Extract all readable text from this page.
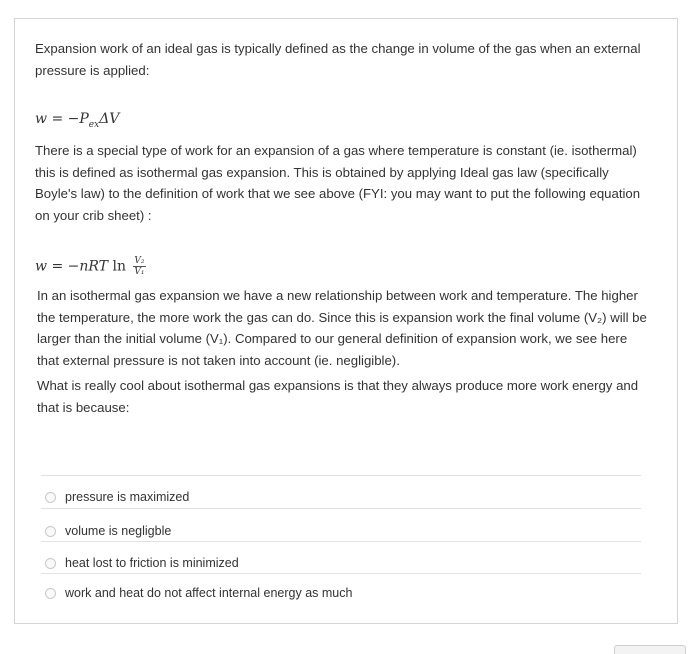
Expansion work of an ideal gas is typically defined as the change in volume of the gas when an external pressure is applied:
$w = -P_{ex}\Delta V$
There is a special type of work for an expansion of a gas where temperature is constant (ie. isothermal) this is defined as isothermal gas expansion. This is obtained by applying Ideal gas law (specifically Boyle's law) to the definition of work that we see above (FYI: you may want to put the following equation on your crib sheet) :
w = −nRT $\ln \frac{\text{V₂}}{\text{V₁}}$
In an isothermal gas expansion we have a new relationship between work and temperature. The higher the temperature, the more work the gas can do. Since this is expansion work the final volume (V₂) will be larger than the initial volume (V₁). Compared to our general definition of expansion work, we see here that external pressure is not taken into account (ie. negligible).
What is really cool about isothermal gas expansions is that they always produce more work energy and that is because:
pressure is maximized
volume is negligble
heat lost to friction is minimized
work and heat do not affect internal energy as much
